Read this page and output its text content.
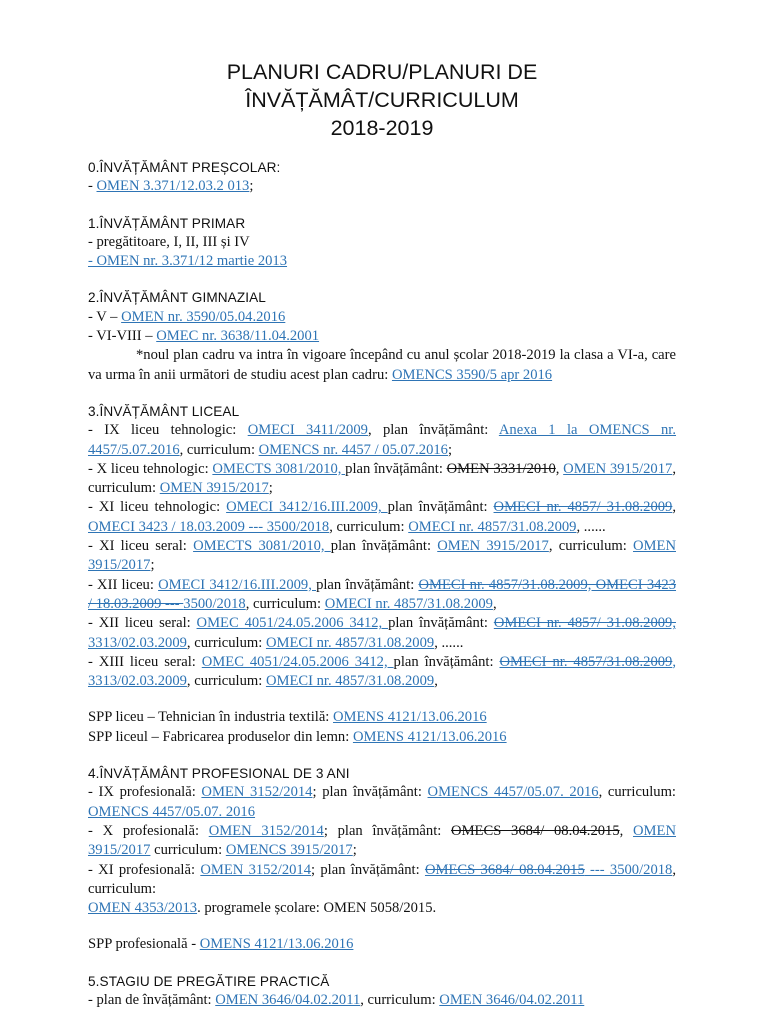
PLANURI CADRU/PLANURI DE ÎNVĂȚĂMÂT/CURRICULUM
2018-2019

0.ÎNVĂȚĂMÂNT PREȘCOLAR:

- OMEN 3.371/12.03.2 013;

1.ÎNVĂȚĂMÂNT PRIMAR

- pregătitoare, I, II, III și IV

- OMEN nr. 3.371/12 martie 2013

2.ÎNVĂȚĂMÂNT GIMNAZIAL

- V – OMEN nr. 3590/05.04.2016

- VI-VIII – OMEC nr. 3638/11.04.2001

*noul plan cadru va intra în vigoare începând cu anul școlar 2018-2019 la clasa a VI-a, care va urma în anii următori de studiu acest plan cadru: OMENCS 3590/5 apr 2016

3.ÎNVĂȚĂMÂNT LICEAL

- IX liceu tehnologic: OMECI 3411/2009, plan învățământ: Anexa 1 la OMENCS nr. 4457/5.07.2016, curriculum: OMENCS nr. 4457 / 05.07.2016;

- X liceu tehnologic: OMECTS 3081/2010, plan învățământ: OMEN 3331/2010, OMEN 3915/2017, curriculum: OMEN 3915/2017;

- XI liceu tehnologic: OMECI 3412/16.III.2009, plan învățământ: OMECI nr. 4857/ 31.08.2009, OMECI 3423 / 18.03.2009 --- 3500/2018, curriculum: OMECI nr. 4857/31.08.2009, ......

- XI liceu seral: OMECTS 3081/2010, plan învățământ: OMEN 3915/2017, curriculum: OMEN 3915/2017;

- XII liceu: OMECI 3412/16.III.2009, plan învățământ: OMECI nr. 4857/31.08.2009, OMECI 3423 / 18.03.2009 --- 3500/2018, curriculum: OMECI nr. 4857/31.08.2009,

- XII liceu seral: OMEC 4051/24.05.2006 3412, plan învățământ: OMECI nr. 4857/ 31.08.2009, 3313/02.03.2009, curriculum: OMECI nr. 4857/31.08.2009, ......

- XIII liceu seral: OMEC 4051/24.05.2006 3412, plan învățământ: OMECI nr. 4857/31.08.2009, 3313/02.03.2009, curriculum: OMECI nr. 4857/31.08.2009,

SPP liceu – Tehnician în industria textilă: OMENS 4121/13.06.2016

SPP liceul – Fabricarea produselor din lemn: OMENS 4121/13.06.2016

4.ÎNVĂȚĂMÂNT PROFESIONAL DE 3 ANI

- IX profesională: OMEN 3152/2014; plan învățământ: OMENCS 4457/05.07. 2016, curriculum: OMENCS 4457/05.07. 2016

- X profesională: OMEN 3152/2014; plan învățământ: OMECS 3684/ 08.04.2015, OMEN 3915/2017 curriculum: OMENCS 3915/2017;

- XI profesională: OMEN 3152/2014; plan învățământ: OMECS 3684/ 08.04.2015 --- 3500/2018, curriculum:

OMEN 4353/2013. programele școlare: OMEN 5058/2015.

SPP profesională - OMENS 4121/13.06.2016

5.STAGIU DE PREGĂTIRE PRACTICĂ

- plan de învățământ: OMEN 3646/04.02.2011, curriculum: OMEN 3646/04.02.2011
